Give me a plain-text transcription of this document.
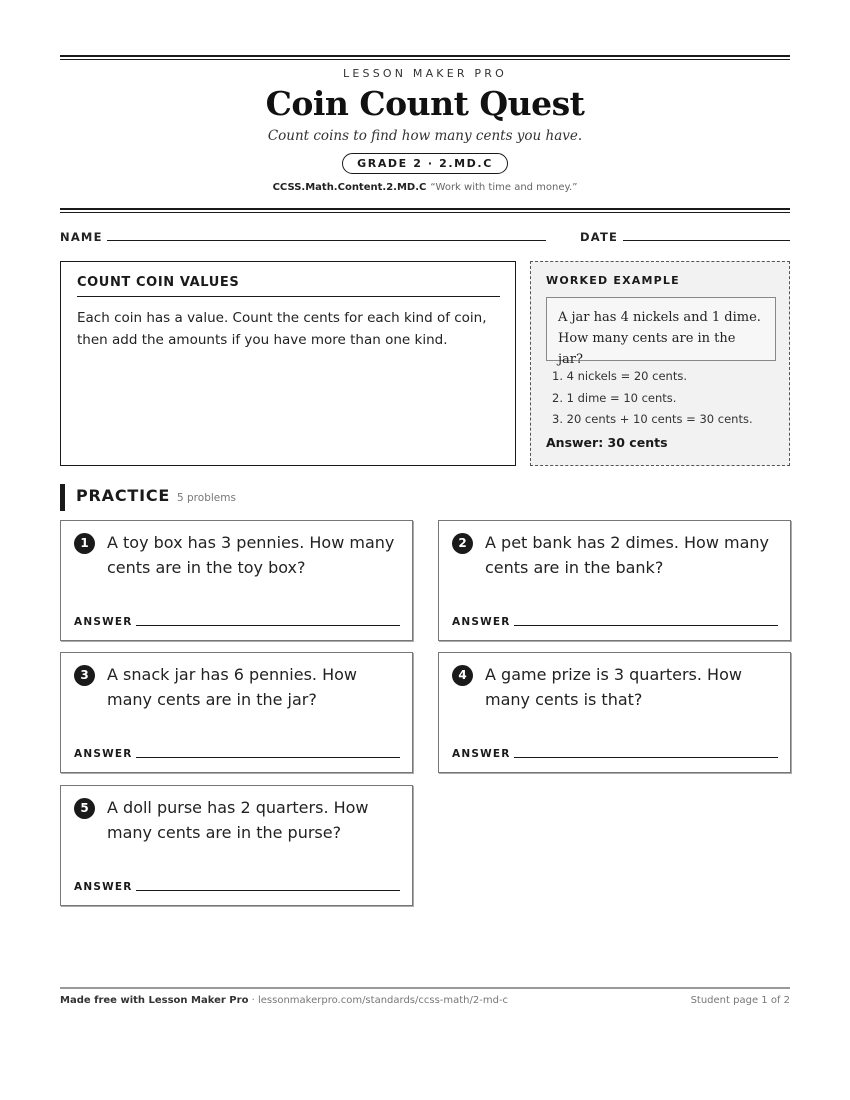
LESSON MAKER PRO
Coin Count Quest
Count coins to find how many cents you have.
GRADE 2 · 2.MD.C
CCSS.Math.Content.2.MD.C “Work with time and money.”
NAME	DATE
COUNT COIN VALUES
Each coin has a value. Count the cents for each kind of coin, then add the amounts if you have more than one kind.
WORKED EXAMPLE
A jar has 4 nickels and 1 dime. How many cents are in the jar?
1. 4 nickels = 20 cents.
2. 1 dime = 10 cents.
3. 20 cents + 10 cents = 30 cents.
Answer: 30 cents
PRACTICE 5 problems
1	A toy box has 3 pennies. How many cents are in the toy box?
ANSWER
2	A pet bank has 2 dimes. How many cents are in the bank?
ANSWER
3	A snack jar has 6 pennies. How many cents are in the jar?
ANSWER
4	A game prize is 3 quarters. How many cents is that?
ANSWER
5	A doll purse has 2 quarters. How many cents are in the purse?
ANSWER
Made free with Lesson Maker Pro · lessonmakerpro.com/standards/ccss-math/2-md-c	Student page 1 of 2
